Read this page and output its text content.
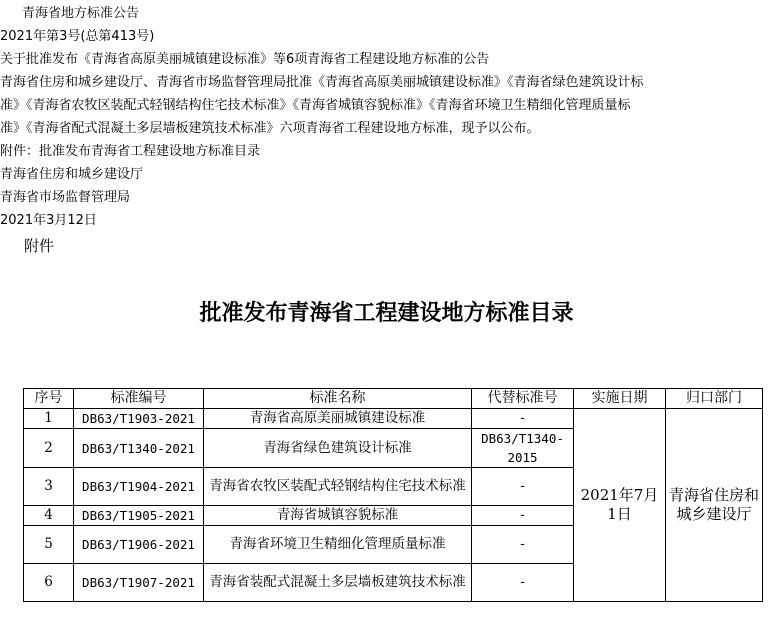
青海省地方标准公告
2021年第3号(总第413号)
关于批准发布《青海省高原美丽城镇建设标准》等6项青海省工程建设地方标准的公告
青海省住房和城乡建设厅、青海省市场监督管理局批准《青海省高原美丽城镇建设标准》《青海省绿色建筑设计标
准》《青海省农牧区装配式轻钢结构住宅技术标准》《青海省城镇容貌标准》《青海省环境卫生精细化管理质量标
准》《青海省配式混凝土多层墙板建筑技术标准》六项青海省工程建设地方标准，现予以公布。
附件：批准发布青海省工程建设地方标准目录
青海省住房和城乡建设厅
青海省市场监督管理局
2021年3月12日
附件
批准发布青海省工程建设地方标准目录
序号	标准编号	标准名称	代替标准号	实施日期	归口部门
1	DB63/T1903-2021	青海省高原美丽城镇建设标准	-	2021年7月1日	青海省住房和城乡建设厅
2	DB63/T1340-2021	青海省绿色建筑设计标准	DB63/T1340-2015		
3	DB63/T1904-2021	青海省农牧区装配式轻钢结构住宅技术标准	-		
4	DB63/T1905-2021	青海省城镇容貌标准	-		
5	DB63/T1906-2021	青海省环境卫生精细化管理质量标准	-		
6	DB63/T1907-2021	青海省装配式混凝土多层墙板建筑技术标准	-		
